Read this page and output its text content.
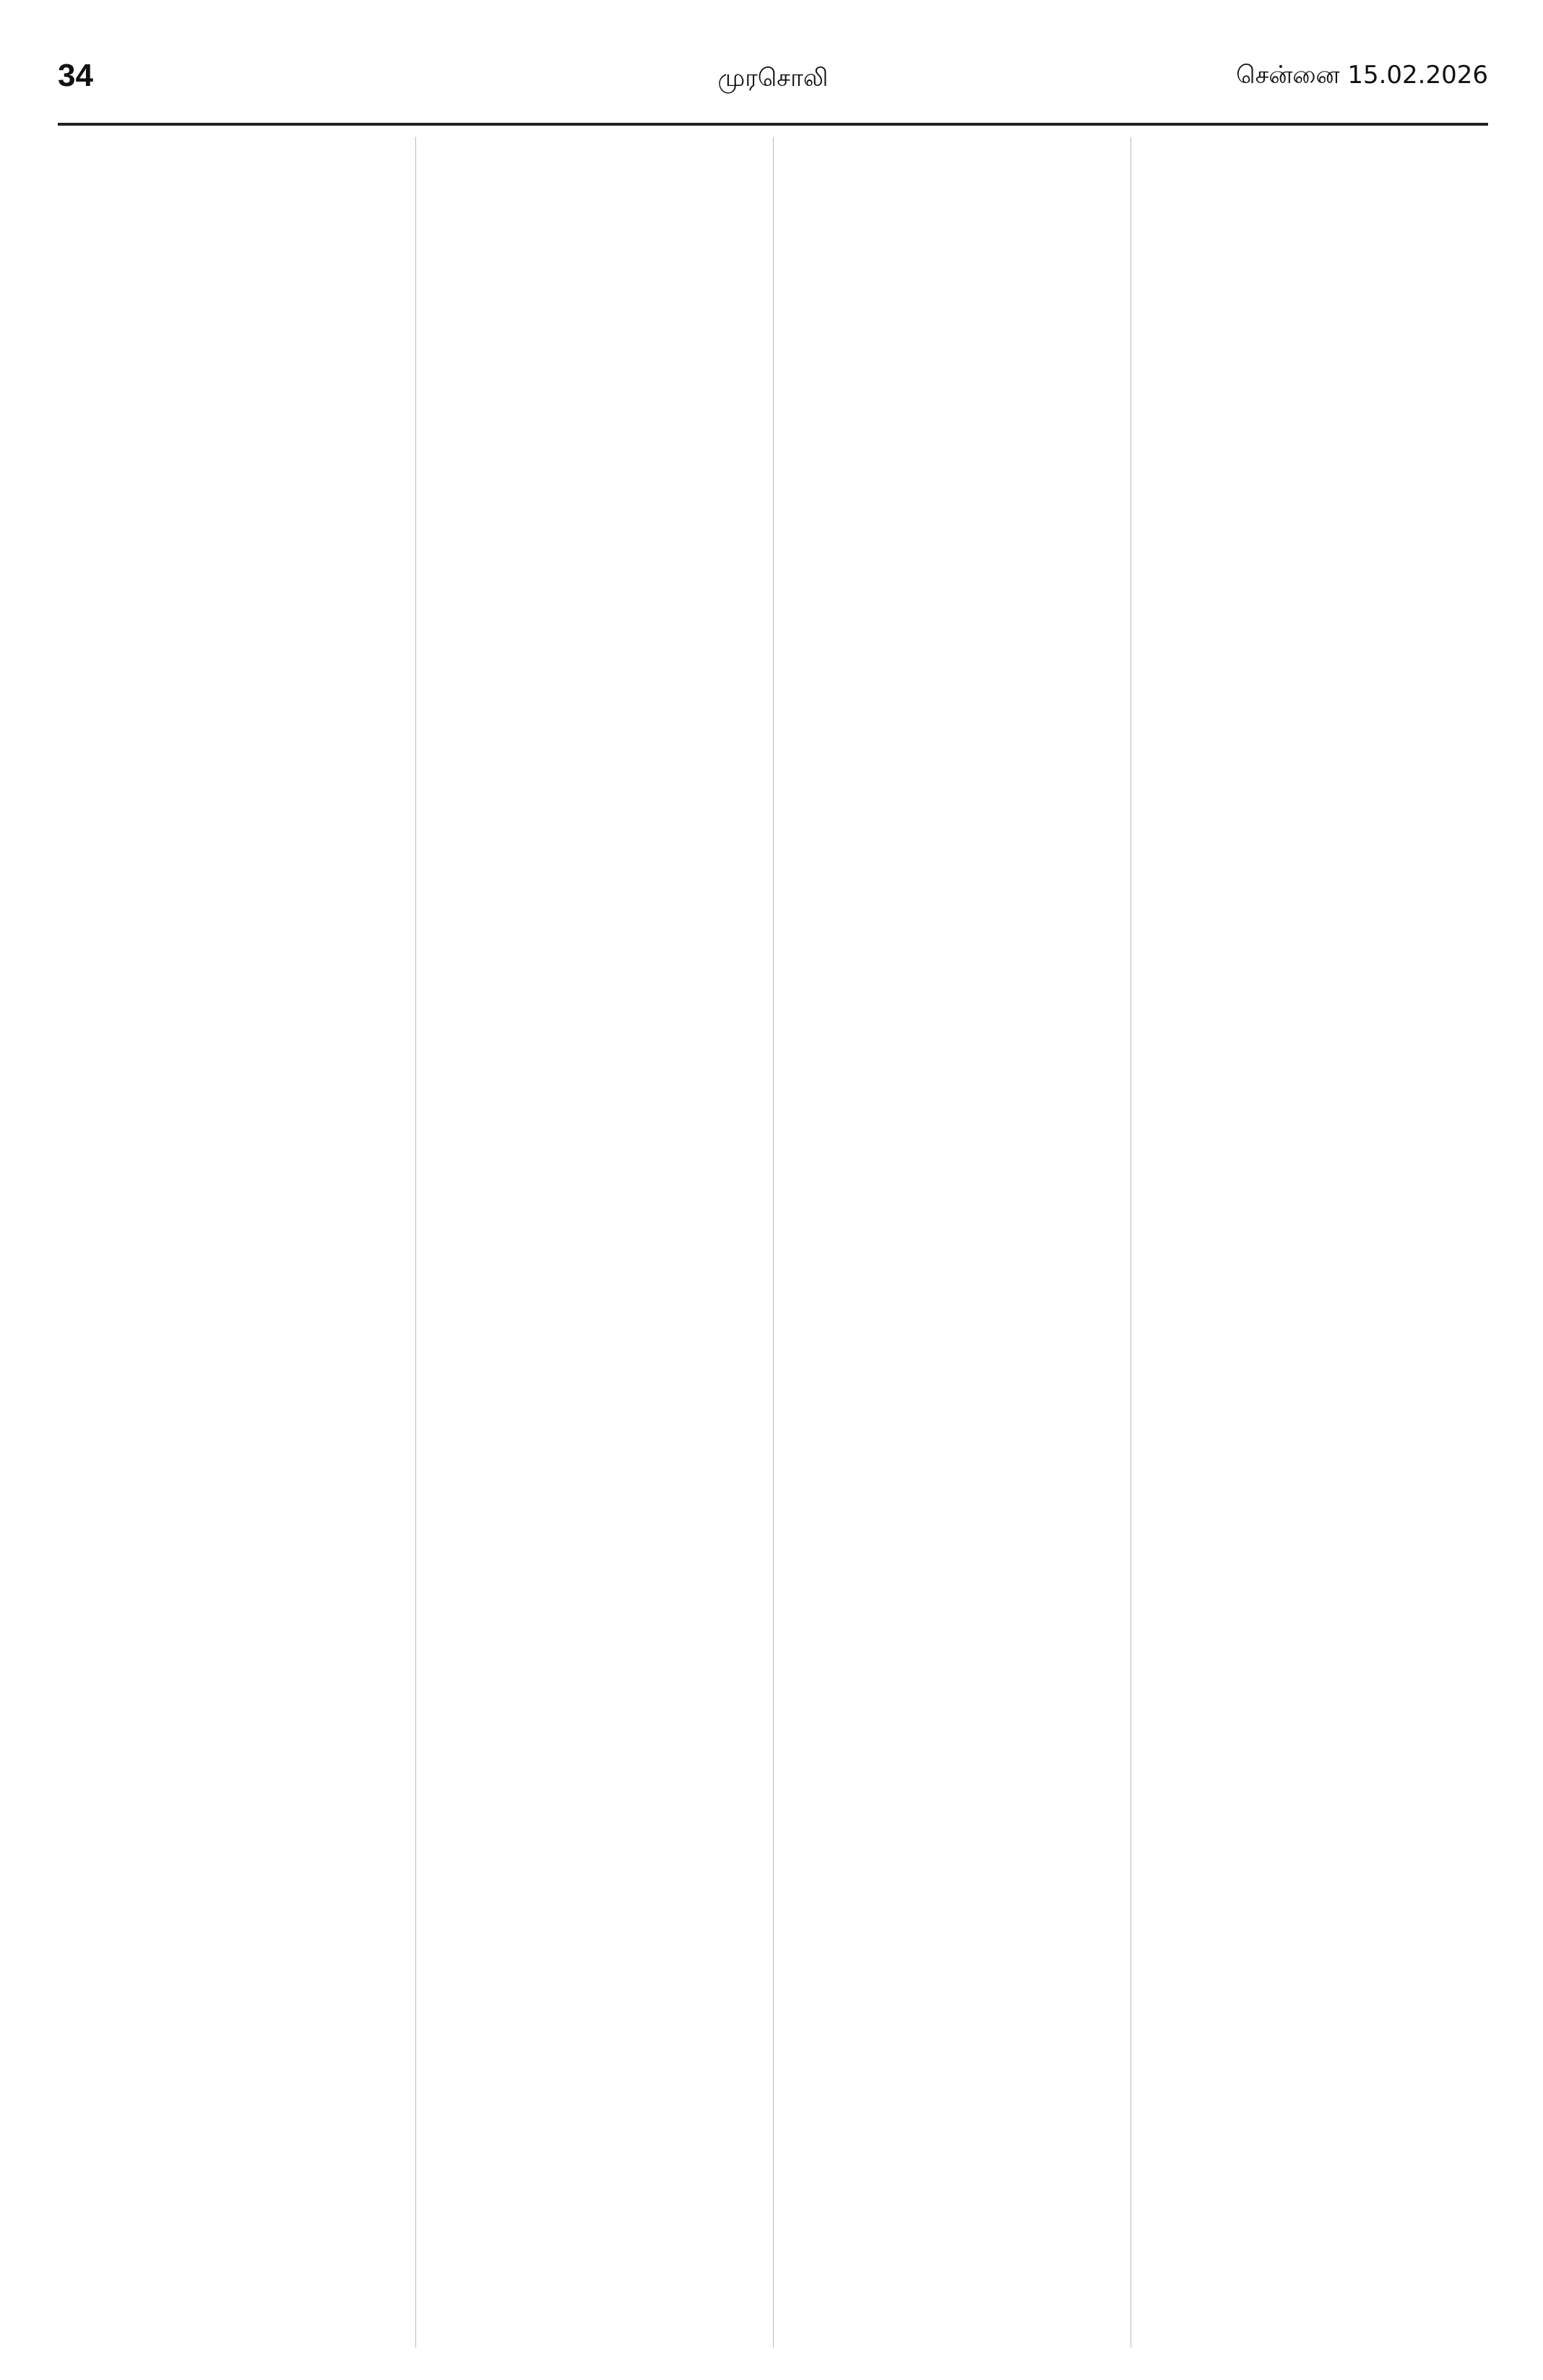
34	முரசொலி	சென்னை 15.02.2026
